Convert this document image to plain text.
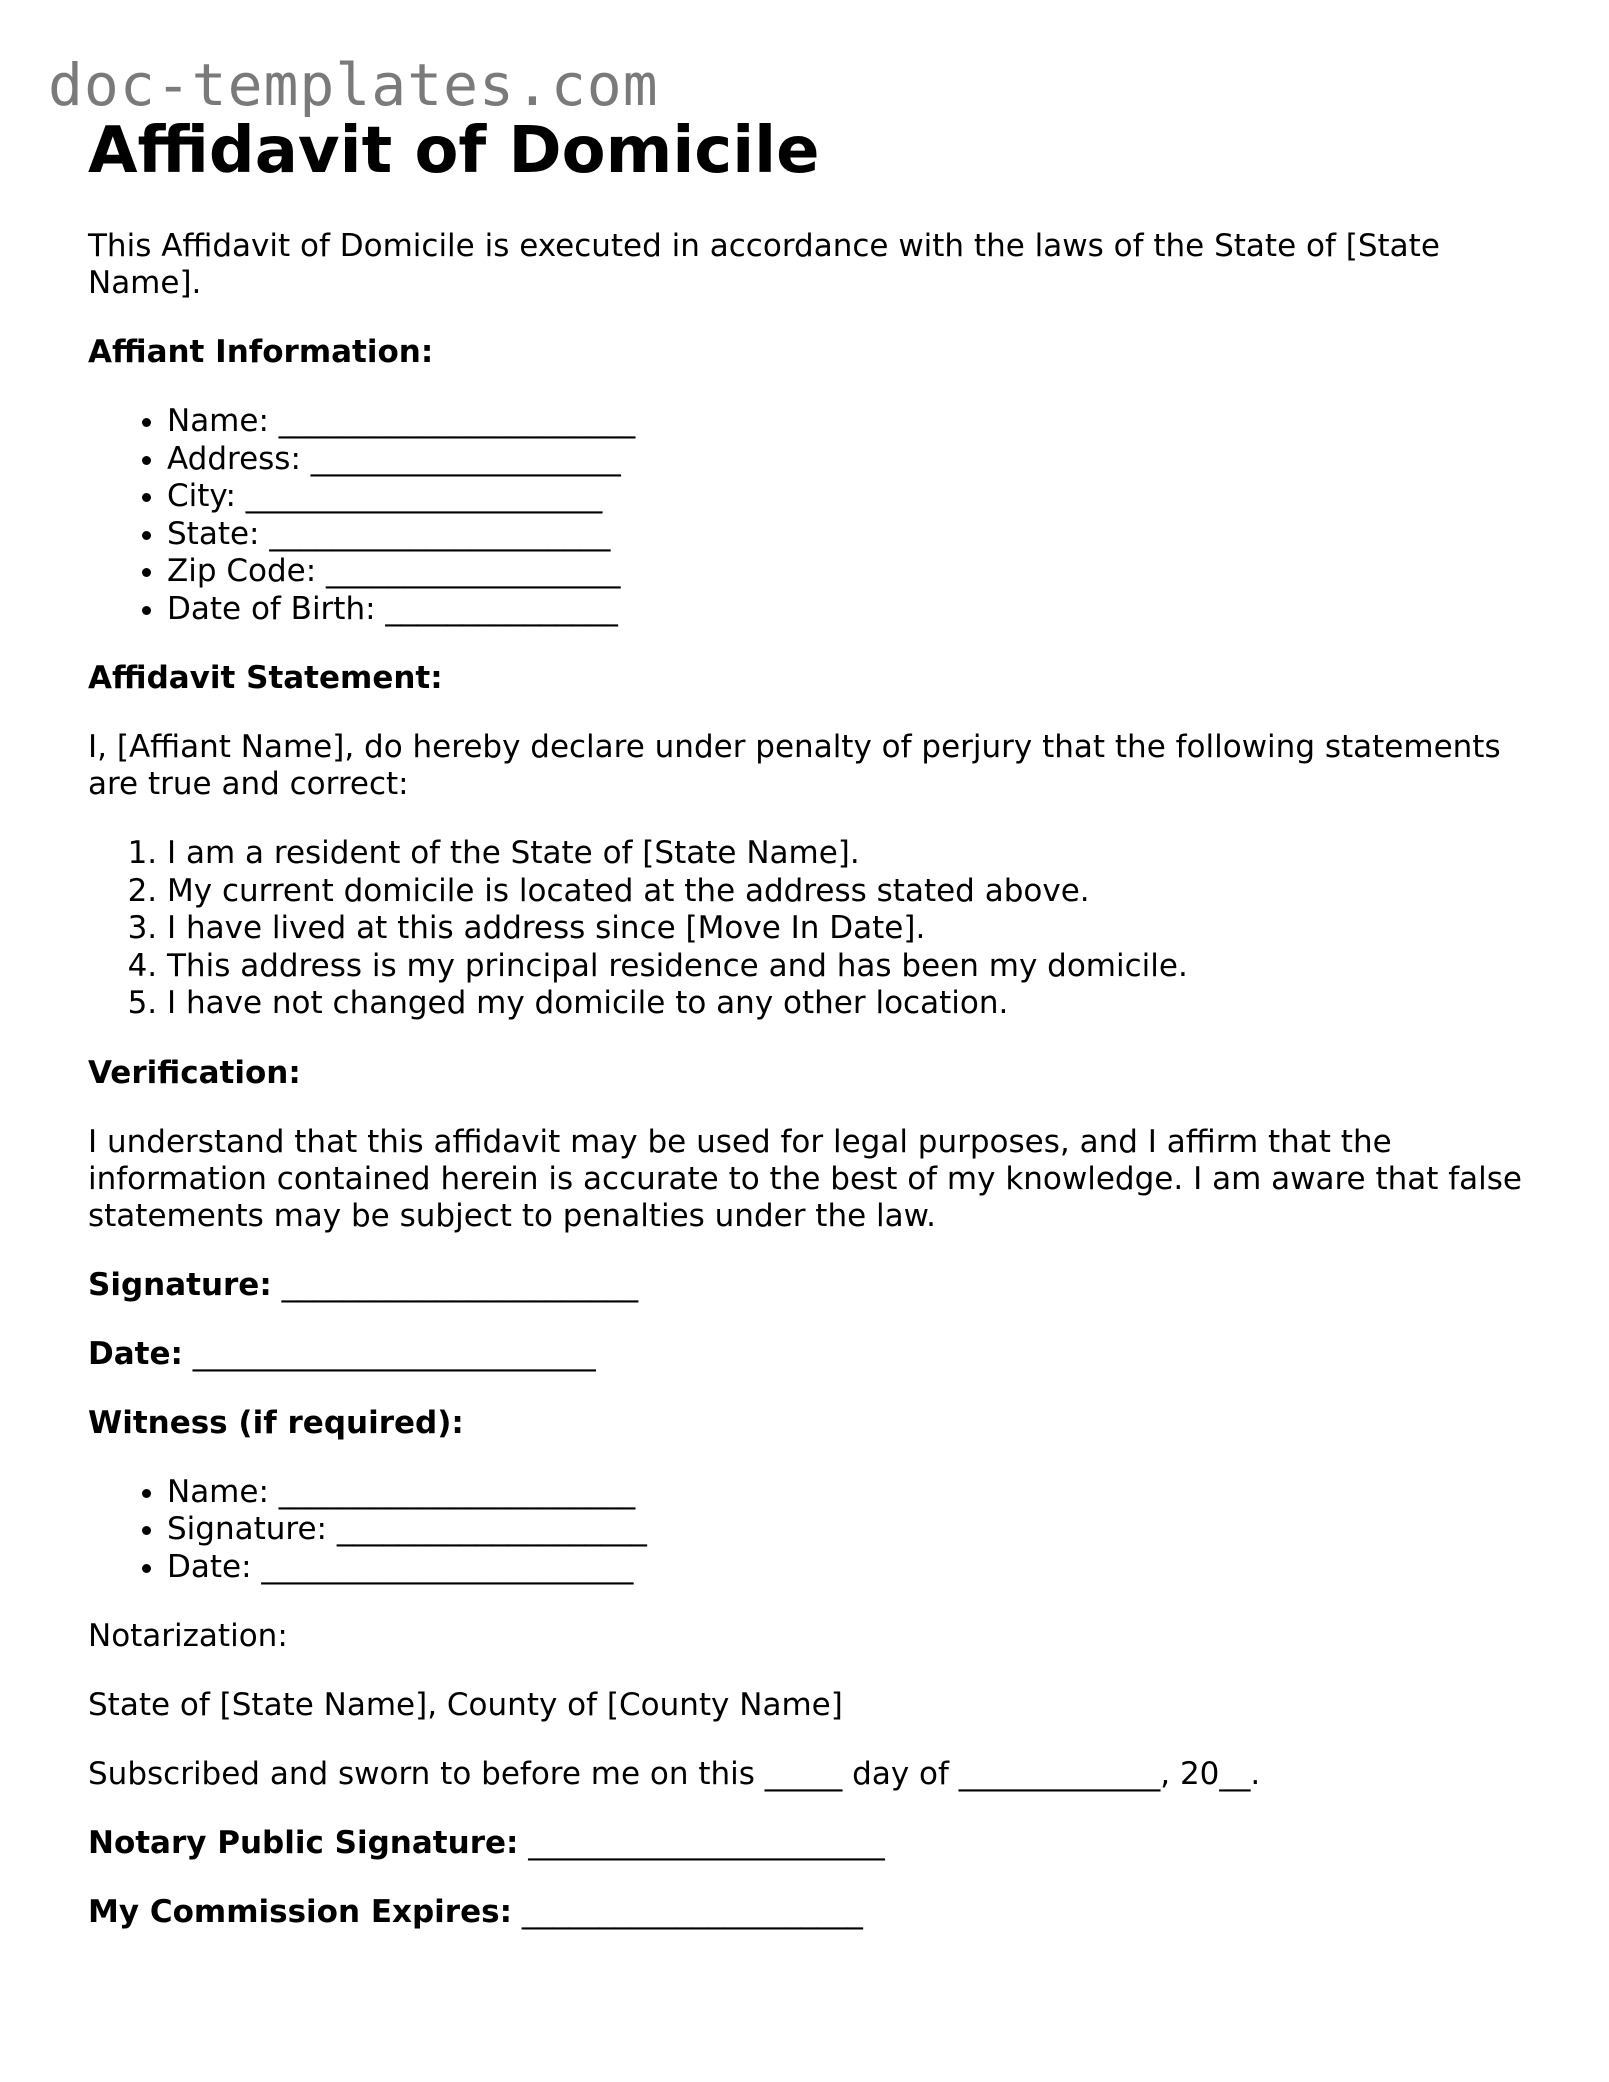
doc-templates.com
Affidavit of Domicile

This Affidavit of Domicile is executed in accordance with the laws of the State of [State Name].

Affiant Information:

• Name: _______________________
• Address: ____________________
• City: _______________________
• State: ______________________
• Zip Code: ___________________
• Date of Birth: _______________

Affidavit Statement:

I, [Affiant Name], do hereby declare under penalty of perjury that the following statements are true and correct:

1. I am a resident of the State of [State Name].
2. My current domicile is located at the address stated above.
3. I have lived at this address since [Move In Date].
4. This address is my principal residence and has been my domicile.
5. I have not changed my domicile to any other location.

Verification:

I understand that this affidavit may be used for legal purposes, and I affirm that the information contained herein is accurate to the best of my knowledge. I am aware that false statements may be subject to penalties under the law.

Signature: _______________________

Date: __________________________

Witness (if required):

• Name: _______________________
• Signature: ____________________
• Date: ________________________

Notarization:

State of [State Name], County of [County Name]

Subscribed and sworn to before me on this _____ day of _____________, 20__.

Notary Public Signature: _______________________

My Commission Expires: ______________________
